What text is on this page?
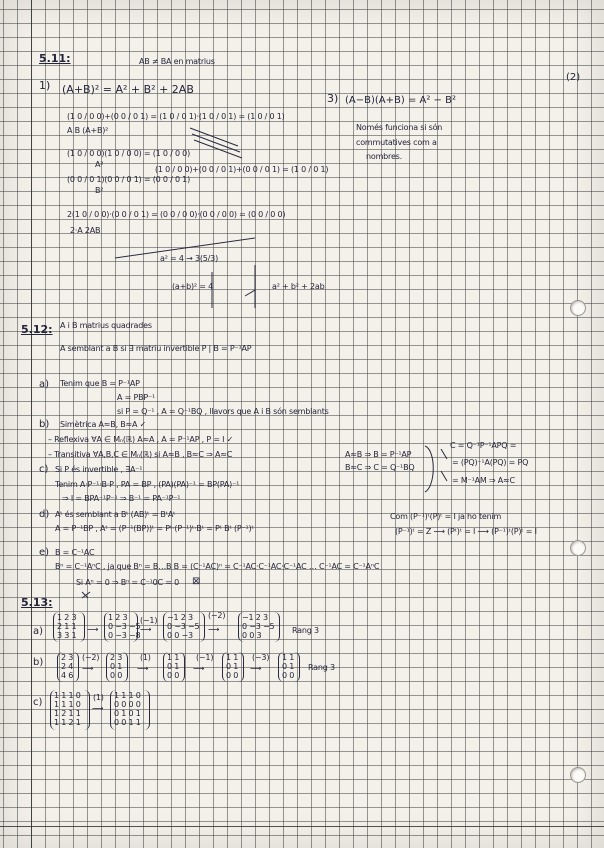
(2)
5.11:	AB ≠ BA en matrius
1) (A+B)² = A² + B² + 2AB
(1 0 / 0 0)+(0 0 / 0 1) = (1 0 / 0 1)·(1 0 / 0 1) = (1 0 / 0 1)
A B (A+B)²
(1 0 / 0 0)(1 0 / 0 0) = (1 0 / 0 0)
A²
(0 0 / 0 1)(0 0 / 0 1) = (0 0 / 0 1)
B²
(1 0 / 0 0)+(0 0 / 0 1)+(0 0 / 0 1) = (1 0 / 0 1)
2(1 0 / 0 0)·(0 0 / 0 1) = (0 0 / 0 0)·(0 0 / 0 0) = (0 0 / 0 0)
2·A 2AB
a² = 4 → 3(5/3)
(a+b)² = 4	a² + b² + 2ab
3) (A−B)(A+B) = A² − B²
Només funciona si són
commutatives com a
nombres.
5.12: A i B matrius quadrades
A semblant a B si ∃ matriu invertible P | B = P⁻¹AP
a) Tenim que B = P⁻¹AP
A = PBP⁻¹
si P = Q⁻¹ , A = Q⁻¹BQ , llavors que A i B són semblants
b) Simètrica A≈B, B≈A ✓
– Reflexiva ∀A ∈ Mₙ(ℝ) A≈A , A = P⁻¹AP , P = I ✓
– Transitiva ∀A,B,C ∈ Mₙ(ℝ) si A≈B , B≈C ⇒ A≈C	A≈B ⇒ B = P⁻¹AP
B≈C ⇒ C = Q⁻¹BQ
C = Q⁻¹P⁻¹APQ =
= (PQ)⁻¹A(PQ) = PQ
= M⁻¹AM ⇒ A≈C
c) Si P és invertible , ∃A⁻¹
Tenim A·P⁻¹·B·P , PA = BP , (PA)(PA)⁻¹ = BP(PA)⁻¹
⇒ I = BPA⁻¹P⁻¹ ⇒ B⁻¹ = PA⁻¹P⁻¹
d) Aᵗ és semblant a Bᵗ (AB)ᵗ = BᵗAᵗ
A = P⁻¹BP , Aᵗ = (P⁻¹(BP))ᵗ = Pᵗ·(P⁻¹)ᵗ·Bᵗ = Pᵗ Bᵗ (P⁻¹)ᵗ
Com (P⁻¹)ᵗ(P)ᵗ = I ja ho tenim
(P⁻¹)ᵗ = Z ⟶ (Pᵗ)ᵗ = I ⟶ (P⁻¹)ᵗ(P)ᵗ = I
e) B = C⁻¹AC
Bⁿ = C⁻¹AⁿC , ja que Bⁿ = B…B B = (C⁻¹AC)ⁿ = C⁻¹AC·C⁻¹AC·C⁻¹AC … C⁻¹AC = C⁻¹AⁿC
Si Aⁿ = 0 ⇒ Bⁿ = C⁻¹0C = 0 ⊠
5.13:
a)
1 2 3
2 1 1
3 3 1
⟶
1 2 3
0 −3 −5
0 −3 −8
(−1)
⟶
−1 2 3
0 −3 −5
0 0 −3
(−2)
⟶
−1 2 3
0 −3 −5
0 0 3
Rang 3
b) 2 3
2 4
4 6
(−2)
⟶
2 3
0 1
0 0
(1)
⟶
1 1
0 1
0 0
(−1)
⟶
1 1
0 1
0 0
(−3)
⟶
1 1
0 1
0 0
Rang 3
c)
1 1 1 0
1 1 1 0
1 2 1 1
1 1 2 1
(1)
⟶
1 1 1 0
0 0 0 0
0 1 0 1
0 0 1 1
